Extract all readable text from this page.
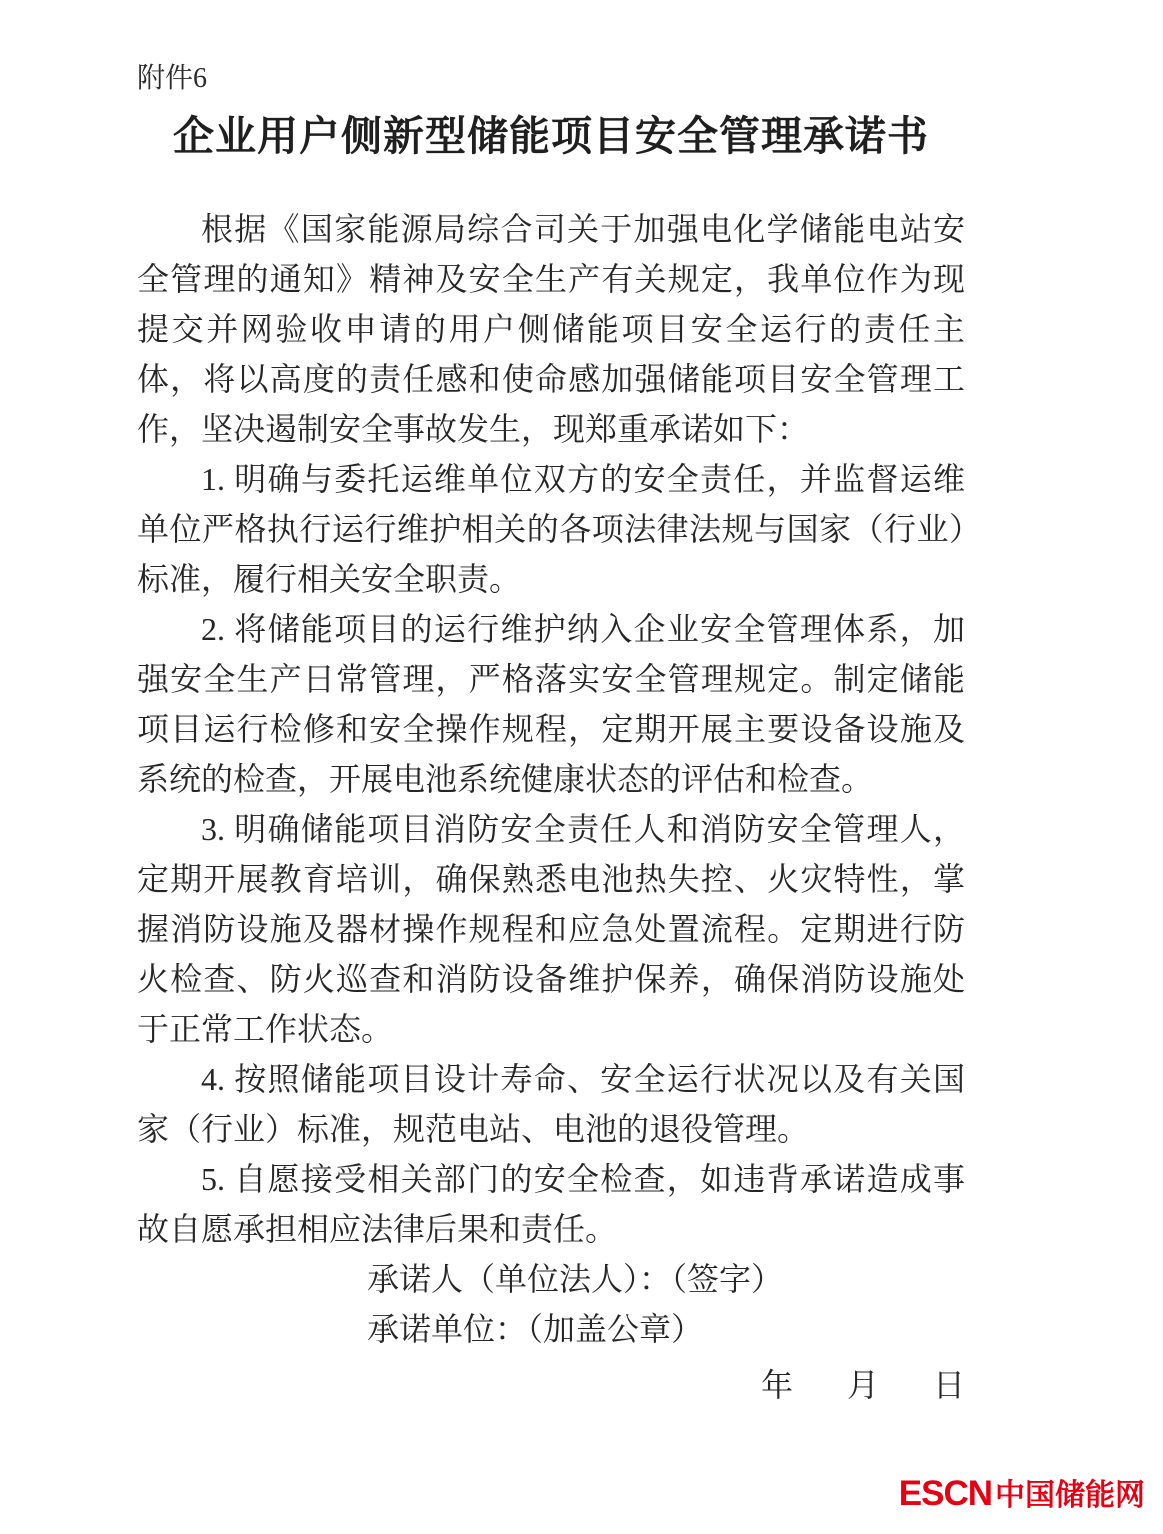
附件6
企业用户侧新型储能项目安全管理承诺书

根据《国家能源局综合司关于加强电化学储能电站安全管理的通知》精神及安全生产有关规定，我单位作为现提交并网验收申请的用户侧储能项目安全运行的责任主体，将以高度的责任感和使命感加强储能项目安全管理工作，坚决遏制安全事故发生，现郑重承诺如下：

1. 明确与委托运维单位双方的安全责任，并监督运维单位严格执行运行维护相关的各项法律法规与国家（行业）标准，履行相关安全职责。

2. 将储能项目的运行维护纳入企业安全管理体系，加强安全生产日常管理，严格落实安全管理规定。制定储能项目运行检修和安全操作规程，定期开展主要设备设施及系统的检查，开展电池系统健康状态的评估和检查。

3. 明确储能项目消防安全责任人和消防安全管理人，定期开展教育培训，确保熟悉电池热失控、火灾特性，掌握消防设施及器材操作规程和应急处置流程。定期进行防火检查、防火巡查和消防设备维护保养，确保消防设施处于正常工作状态。

4. 按照储能项目设计寿命、安全运行状况以及有关国家（行业）标准，规范电站、电池的退役管理。

5. 自愿接受相关部门的安全检查，如违背承诺造成事故自愿承担相应法律后果和责任。

承诺人（单位法人）：（签字）

承诺单位：（加盖公章）

年 月 日
ESCN 中国储能网
